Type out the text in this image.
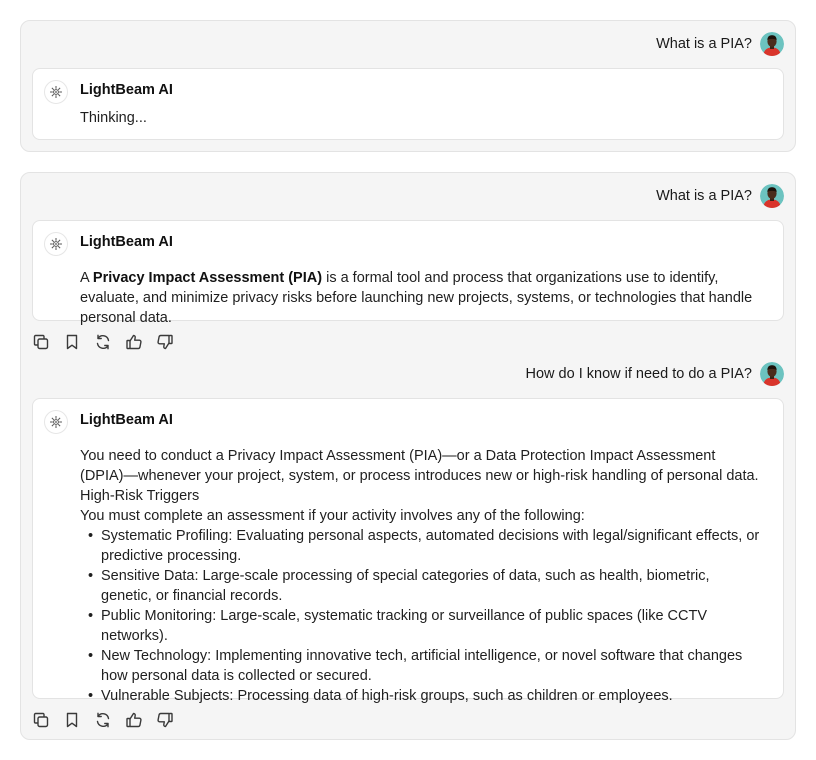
What is a PIA?
LightBeam AI
Thinking...
What is a PIA?
LightBeam AI
A Privacy Impact Assessment (PIA) is a formal tool and process that organizations use to identify, evaluate, and minimize privacy risks before launching new projects, systems, or technologies that handle personal data.
How do I know if need to do a PIA?
LightBeam AI
You need to conduct a Privacy Impact Assessment (PIA)—or a Data Protection Impact Assessment (DPIA)—whenever your project, system, or process introduces new or high-risk handling of personal data.
High-Risk Triggers
You must complete an assessment if your activity involves any of the following:
• Systematic Profiling: Evaluating personal aspects, automated decisions with legal/significant effects, or predictive processing.
• Sensitive Data: Large-scale processing of special categories of data, such as health, biometric, genetic, or financial records.
• Public Monitoring: Large-scale, systematic tracking or surveillance of public spaces (like CCTV networks).
• New Technology: Implementing innovative tech, artificial intelligence, or novel software that changes how personal data is collected or secured.
• Vulnerable Subjects: Processing data of high-risk groups, such as children or employees.
